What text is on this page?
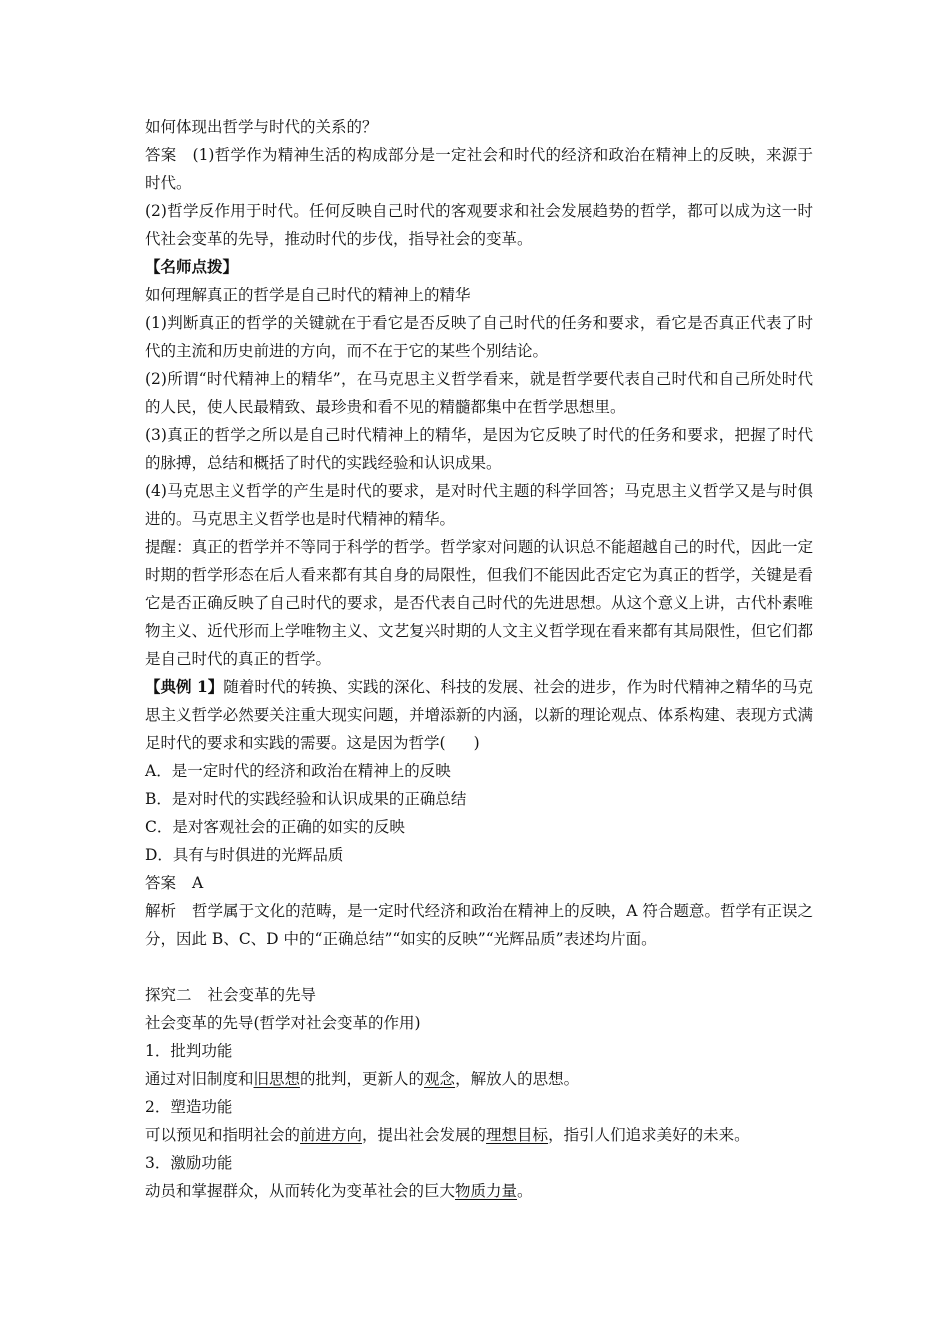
如何体现出哲学与时代的关系的？

答案 (1)哲学作为精神生活的构成部分是一定社会和时代的经济和政治在精神上的反映，来源于时代。

(2)哲学反作用于时代。任何反映自己时代的客观要求和社会发展趋势的哲学，都可以成为这一时代社会变革的先导，推动时代的步伐，指导社会的变革。

【名师点拨】

如何理解真正的哲学是自己时代的精神上的精华

(1)判断真正的哲学的关键就在于看它是否反映了自己时代的任务和要求，看它是否真正代表了时代的主流和历史前进的方向，而不在于它的某些个别结论。

(2)所谓“时代精神上的精华”，在马克思主义哲学看来，就是哲学要代表自己时代和自己所处时代的人民，使人民最精致、最珍贵和看不见的精髓都集中在哲学思想里。

(3)真正的哲学之所以是自己时代精神上的精华，是因为它反映了时代的任务和要求，把握了时代的脉搏，总结和概括了时代的实践经验和认识成果。

(4)马克思主义哲学的产生是时代的要求，是对时代主题的科学回答；马克思主义哲学又是与时俱进的。马克思主义哲学也是时代精神的精华。

提醒：真正的哲学并不等同于科学的哲学。哲学家对问题的认识总不能超越自己的时代，因此一定时期的哲学形态在后人看来都有其自身的局限性，但我们不能因此否定它为真正的哲学，关键是看它是否正确反映了自己时代的要求，是否代表自己时代的先进思想。从这个意义上讲，古代朴素唯物主义、近代形而上学唯物主义、文艺复兴时期的人文主义哲学现在看来都有其局限性，但它们都是自己时代的真正的哲学。

【典例 1】随着时代的转换、实践的深化、科技的发展、社会的进步，作为时代精神之精华的马克思主义哲学必然要关注重大现实问题，并增添新的内涵，以新的理论观点、体系构建、表现方式满足时代的要求和实践的需要。这是因为哲学( )

A．是一定时代的经济和政治在精神上的反映

B．是对时代的实践经验和认识成果的正确总结

C．是对客观社会的正确的如实的反映

D．具有与时俱进的光辉品质

答案 A

解析 哲学属于文化的范畴，是一定时代经济和政治在精神上的反映，A 符合题意。哲学有正误之分，因此 B、C、D 中的“正确总结”“如实的反映”“光辉品质”表述均片面。

探究二 社会变革的先导

社会变革的先导(哲学对社会变革的作用)

1．批判功能

通过对旧制度和旧思想的批判，更新人的观念，解放人的思想。

2．塑造功能

可以预见和指明社会的前进方向，提出社会发展的理想目标，指引人们追求美好的未来。

3．激励功能

动员和掌握群众，从而转化为变革社会的巨大物质力量。
